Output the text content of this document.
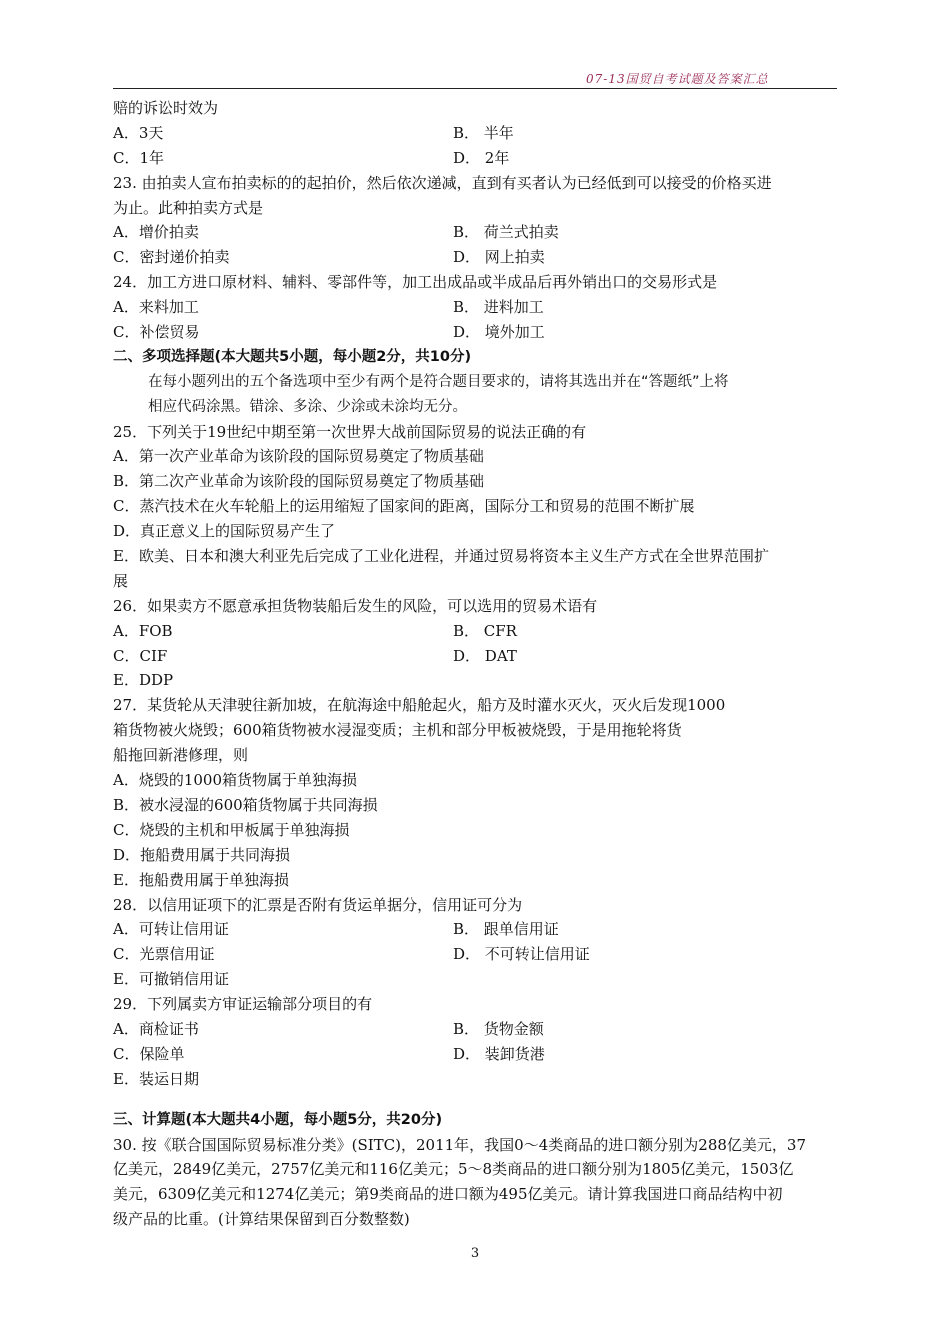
07-13国贸自考试题及答案汇总
赔的诉讼时效为
A．3天	B． 半年
C．1年	D． 2年
23. 由拍卖人宣布拍卖标的的起拍价，然后依次递减，直到有买者认为已经低到可以接受的价格买进
为止。此种拍卖方式是
A．增价拍卖	B． 荷兰式拍卖
C．密封递价拍卖	D． 网上拍卖
24．加工方进口原材料、辅料、零部件等，加工出成品或半成品后再外销出口的交易形式是
A．来料加工	B． 进料加工
C．补偿贸易	D． 境外加工
二、多项选择题(本大题共5小题，每小题2分，共10分)
在每小题列出的五个备选项中至少有两个是符合题目要求的，请将其选出并在“答题纸”上将
相应代码涂黑。错涂、多涂、少涂或未涂均无分。
25．下列关于19世纪中期至第一次世界大战前国际贸易的说法正确的有
A．第一次产业革命为该阶段的国际贸易奠定了物质基础
B．第二次产业革命为该阶段的国际贸易奠定了物质基础
C．蒸汽技术在火车轮船上的运用缩短了国家间的距离，国际分工和贸易的范围不断扩展
D．真正意义上的国际贸易产生了
E．欧美、日本和澳大利亚先后完成了工业化进程，并通过贸易将资本主义生产方式在全世界范围扩
展
26．如果卖方不愿意承担货物装船后发生的风险，可以选用的贸易术语有
A．FOB	B． CFR
C．CIF	D． DAT
E．DDP
27．某货轮从天津驶往新加坡，在航海途中船舱起火，船方及时灌水灭火，灭火后发现1000
箱货物被火烧毁；600箱货物被水浸湿变质；主机和部分甲板被烧毁，于是用拖轮将货
船拖回新港修理，则
A．烧毁的1000箱货物属于单独海损
B．被水浸湿的600箱货物属于共同海损
C．烧毁的主机和甲板属于单独海损
D．拖船费用属于共同海损
E．拖船费用属于单独海损
28．以信用证项下的汇票是否附有货运单据分，信用证可分为
A．可转让信用证	B． 跟单信用证
C．光票信用证	D． 不可转让信用证
E．可撤销信用证
29．下列属卖方审证运输部分项目的有
A．商检证书	B． 货物金额
C．保险单	D． 装卸货港
E．装运日期
三、计算题(本大题共4小题，每小题5分，共20分)
30. 按《联合国国际贸易标准分类》(SITC)，2011年，我国0～4类商品的进口额分别为288亿美元，37
亿美元，2849亿美元，2757亿美元和116亿美元；5～8类商品的进口额分别为1805亿美元，1503亿
美元，6309亿美元和1274亿美元；第9类商品的进口额为495亿美元。请计算我国进口商品结构中初
级产品的比重。(计算结果保留到百分数整数)
3
